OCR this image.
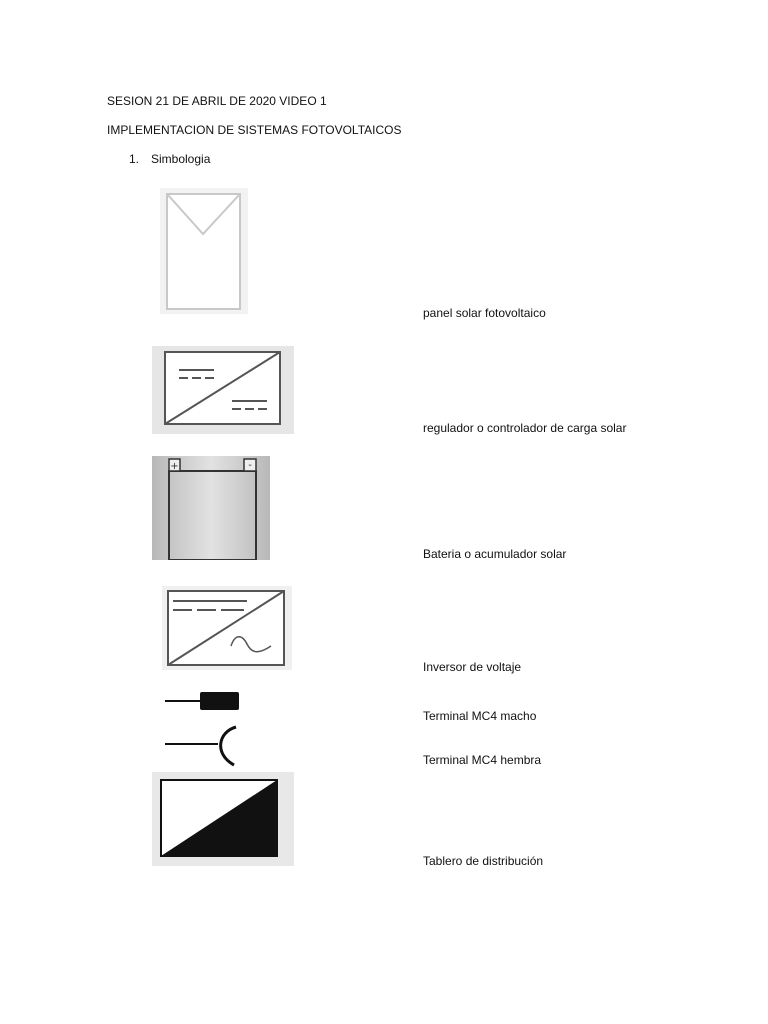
SESION 21 DE ABRIL DE 2020 VIDEO 1
IMPLEMENTACION DE SISTEMAS FOTOVOLTAICOS
1. Simbologia
panel solar fotovoltaico
regulador o controlador de carga solar
+	-
Bateria o acumulador solar
Inversor de voltaje
Terminal MC4 macho
Terminal MC4 hembra
Tablero de distribución
